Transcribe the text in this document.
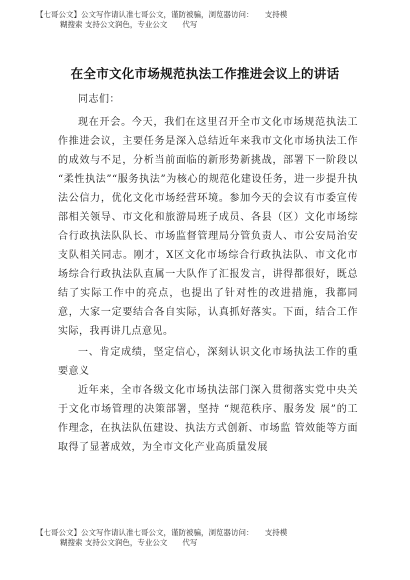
【七哥公文】公文写作请认准七哥公文，谨防被骗，浏览器访问：　　支持模
糊搜索 支持公文润色，专业公文　　代写
在全市文化市场规范执法工作推进会议上的讲话

同志们：

现在开会。今天，我们在这里召开全市文化市场规范执法工作推进会议，主要任务是深入总结近年来我市文化市场执法工作的成效与不足，分析当前面临的新形势新挑战，部署下一阶段以 “柔性执法”“服务执法”为核心的规范化建设任务，进一步提升执法公信力，优化文化市场经营环境。参加今天的会议有市委宣传部相关领导、市文化和旅游局班子成员、各县（区）文化市场综合行政执法队队长、市场监督管理局分管负责人、市公安局治安支队相关同志。刚才，X区文化市场综合行政执法队、市文化市场综合行政执法队直属一大队作了汇报发言，讲得都很好，既总结了实际工作中的亮点，也提出了针对性的改进措施，我都同意，大家一定要结合各自实际，认真抓好落实。下面，结合工作实际，我再讲几点意见。

一、肯定成绩，坚定信心，深刻认识文化市场执法工作的重要意义

近年来，全市各级文化市场执法部门深入贯彻落实党中央关于文化市场管理的决策部署，坚持 “规范秩序、服务发 展”的工作理念，在执法队伍建设、执法方式创新、市场监 管效能等方面取得了显著成效，为全市文化产业高质量发展

【七哥公文】公文写作请认准七哥公文，谨防被骗，浏览器访问：　　支持模
糊搜索 支持公文润色，专业公文　　代写
